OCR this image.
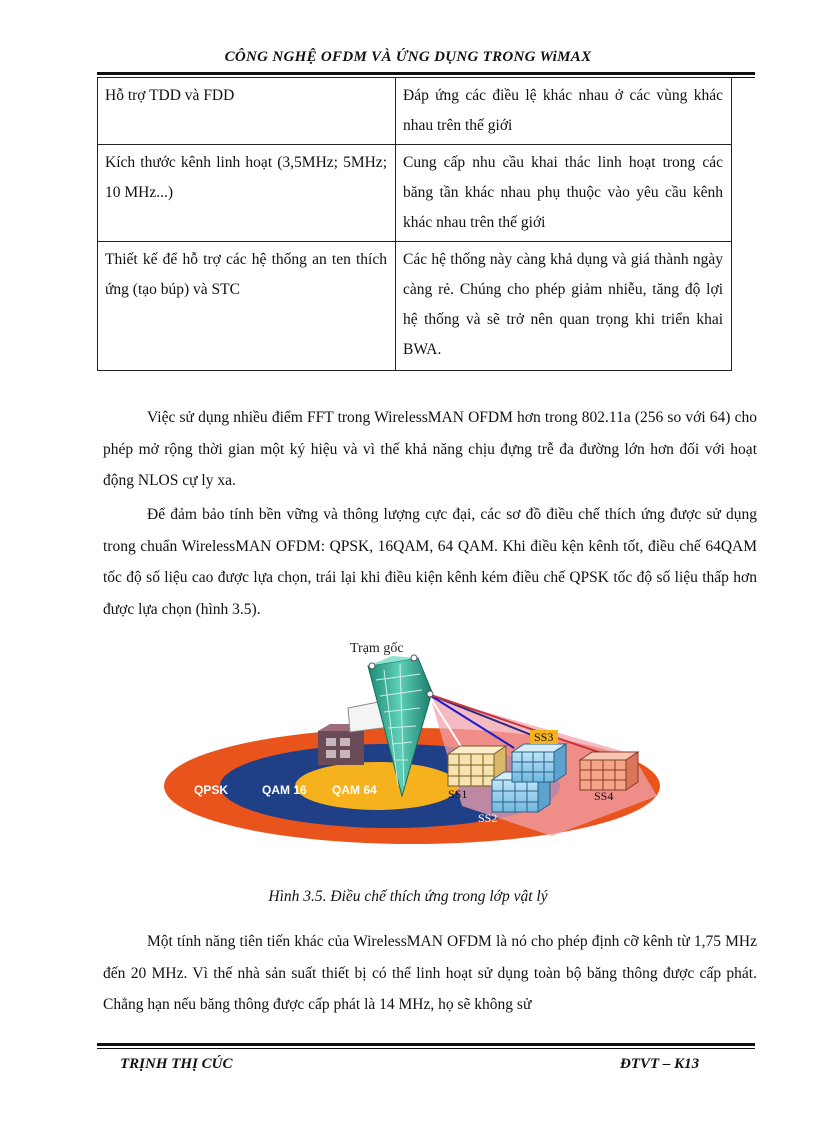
CÔNG NGHỆ OFDM VÀ ỨNG DỤNG TRONG WiMAX
Hỗ trợ TDD và FDD	Đáp ứng các điều lệ khác nhau ở các vùng khác nhau trên thế giới
Kích thước kênh linh hoạt (3,5MHz; 5MHz; 10 MHz...)	Cung cấp nhu cầu khai thác linh hoạt trong các băng tần khác nhau phụ thuộc vào yêu cầu kênh khác nhau trên thế giới
Thiết kế để hỗ trợ các hệ thống an ten thích ứng (tạo búp) và STC	Các hệ thống này càng khả dụng và giá thành ngày càng rẻ. Chúng cho phép giảm nhiễu, tăng độ lợi hệ thống và sẽ trở nên quan trọng khi triển khai BWA.

Việc sử dụng nhiều điểm FFT trong WirelessMAN OFDM hơn trong 802.11a (256 so với 64) cho phép mở rộng thời gian một ký hiệu và vì thế khả năng chịu đựng trễ đa đường lớn hơn đối với hoạt động NLOS cự ly xa.

Để đảm bảo tính bền vững và thông lượng cực đại, các sơ đồ điều chế thích ứng được sử dụng trong chuẩn WirelessMAN OFDM: QPSK, 16QAM, 64 QAM. Khi điều kện kênh tốt, điều chế 64QAM tốc độ số liệu cao được lựa chọn, trái lại khi điều kiện kênh kém điều chế QPSK tốc độ số liệu thấp hơn được lựa chọn (hình 3.5).

Trạm gốc
QPSK	QAM 16 QAM 64	SS1
SS2
SS3
SS4
Hình 3.5. Điều chế thích ứng trong lớp vật lý

Một tính năng tiên tiến khác của WirelessMAN OFDM là nó cho phép định cỡ kênh từ 1,75 MHz đến 20 MHz. Vì thế nhà sản suất thiết bị có thể linh hoạt sử dụng toàn bộ băng thông được cấp phát. Chẳng hạn nếu băng thông được cấp phát là 14 MHz, họ sẽ không sử

TRỊNH THỊ CÚC	ĐTVT – K13
